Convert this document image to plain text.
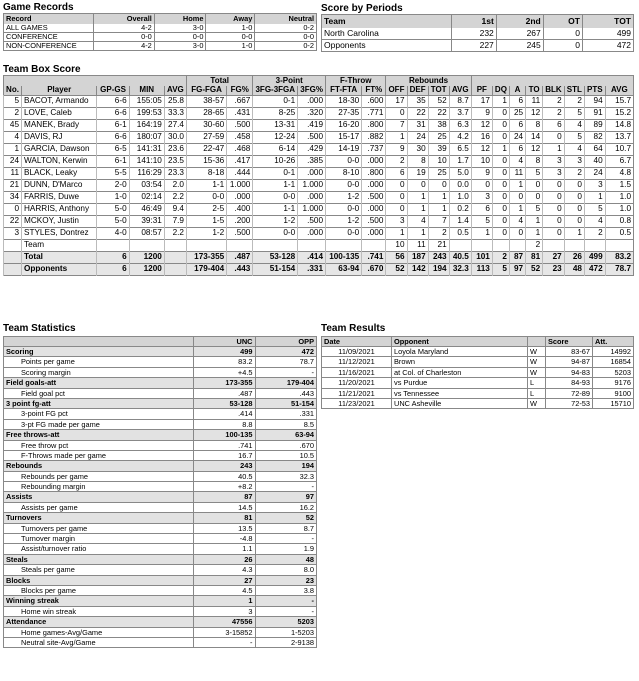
Game Records
Record	Overall	Home	Away	Neutral
ALL GAMES	4-2	3-0	1-0	0-2
CONFERENCE	0-0	0-0	0-0	0-0
NON-CONFERENCE	4-2	3-0	1-0	0-2
Score by Periods
Team	1st	2nd	OT	TOT
North Carolina	232	267	0	499
Opponents	227	245	0	472
Team Box Score
					Total		3-Point		F-Throw		Rebounds											
No.	Player	GP-GS	MIN	AVG	FG-FGA	FG%	3FG-3FGA	3FG%	FT-FTA	FT%	OFF	DEF	TOT	AVG	PF	DQ	A	TO	BLK	STL	PTS	AVG
5	BACOT, Armando	6-6	155:05	25.8	38-57	.667	0-1	.000	18-30	.600	17	35	52	8.7	17	1	6	11	2	2	94	15.7
2	LOVE, Caleb	6-6	199:53	33.3	28-65	.431	8-25	.320	27-35	.771	0	22	22	3.7	9	0	25	12	2	5	91	15.2
45	MANEK, Brady	6-1	164:19	27.4	30-60	.500	13-31	.419	16-20	.800	7	31	38	6.3	12	0	6	8	6	4	89	14.8
4	DAVIS, RJ	6-6	180:07	30.0	27-59	.458	12-24	.500	15-17	.882	1	24	25	4.2	16	0	24	14	0	5	82	13.7
1	GARCIA, Dawson	6-5	141:31	23.6	22-47	.468	6-14	.429	14-19	.737	9	30	39	6.5	12	1	6	12	1	4	64	10.7
24	WALTON, Kerwin	6-1	141:10	23.5	15-36	.417	10-26	.385	0-0	.000	2	8	10	1.7	10	0	4	8	3	3	40	6.7
11	BLACK, Leaky	5-5	116:29	23.3	8-18	.444	0-1	.000	8-10	.800	6	19	25	5.0	9	0	11	5	3	2	24	4.8
21	DUNN, D'Marco	2-0	03:54	2.0	1-1	1.000	1-1	1.000	0-0	.000	0	0	0	0.0	0	0	1	0	0	0	3	1.5
34	FARRIS, Duwe	1-0	02:14	2.2	0-0	.000	0-0	.000	1-2	.500	0	1	1	1.0	3	0	0	0	0	0	1	1.0
0	HARRIS, Anthony	5-0	46:49	9.4	2-5	.400	1-1	1.000	0-0	.000	0	1	1	0.2	6	0	1	5	0	0	5	1.0
22	MCKOY, Justin	5-0	39:31	7.9	1-5	.200	1-2	.500	1-2	.500	3	4	7	1.4	5	0	4	1	0	0	4	0.8
3	STYLES, Dontrez	4-0	08:57	2.2	1-2	.500	0-0	.000	0-0	.000	1	1	2	0.5	1	0	0	1	0	1	2	0.5
	Team										10	11	21					2				
	Total	6	1200		173-355	.487	53-128	.414	100-135	.741	56	187	243	40.5	101	2	87	81	27	26	499	83.2
	Opponents	6	1200		179-404	.443	51-154	.331	63-94	.670	52	142	194	32.3	113	5	97	52	23	48	472	78.7
Team Statistics
	UNC	OPP
Scoring	499	472
Points per game	83.2	78.7
Scoring margin	+4.5	-
Field goals-att	173-355	179-404
Field goal pct	.487	.443
3 point fg-att	53-128	51-154
3-point FG pct	.414	.331
3-pt FG made per game	8.8	8.5
Free throws-att	100-135	63-94
Free throw pct	.741	.670
F-Throws made per game	16.7	10.5
Rebounds	243	194
Rebounds per game	40.5	32.3
Rebounding margin	+8.2	-
Assists	87	97
Assists per game	14.5	16.2
Turnovers	81	52
Turnovers per game	13.5	8.7
Turnover margin	-4.8	-
Assist/turnover ratio	1.1	1.9
Steals	26	48
Steals per game	4.3	8.0
Blocks	27	23
Blocks per game	4.5	3.8
Winning streak	1	-
Home win streak	3	-
Attendance	47556	5203
Home games-Avg/Game	3-15852	1-5203
Neutral site-Avg/Game	-	2-9138
Team Results
Date	Opponent		Score	Att.
11/09/2021	Loyola Maryland	W	83-67	14992
11/12/2021	Brown	W	94-87	16854
11/16/2021	at Col. of Charleston	W	94-83	5203
11/20/2021	vs Purdue	L	84-93	9176
11/21/2021	vs Tennessee	L	72-89	9100
11/23/2021	UNC Asheville	W	72-53	15710
